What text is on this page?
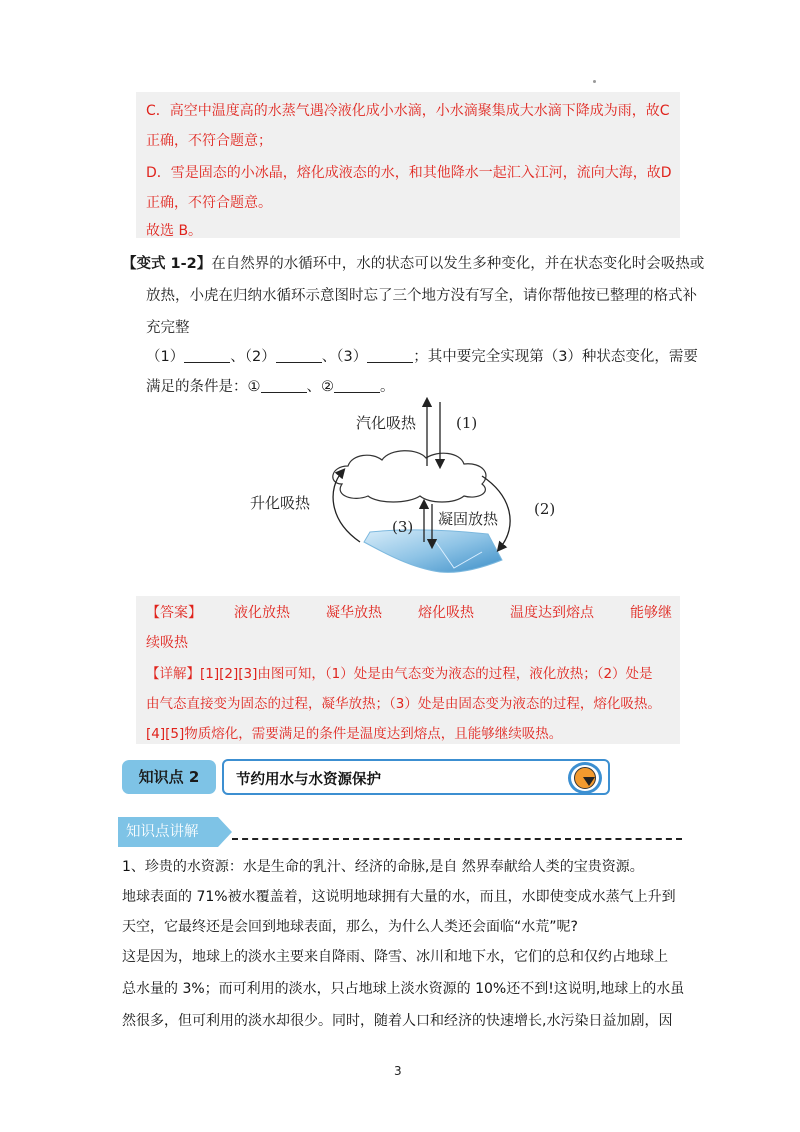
C．高空中温度高的水蒸气遇冷液化成小水滴，小水滴聚集成大水滴下降成为雨，故C
正确，不符合题意；
D．雪是固态的小冰晶，熔化成液态的水，和其他降水一起汇入江河，流向大海，故D
正确，不符合题意。
故选 B。
【变式 1-2】在自然界的水循环中，水的状态可以发生多种变化，并在状态变化时会吸热或
放热，小虎在归纳水循环示意图时忘了三个地方没有写全，请你帮他按已整理的格式补
充完整
（1）	、（2）	、（3）	；其中要完全实现第（3）种状态变化，需要
满足的条件是：①	、②	。
汽化吸热	(1)
升化吸热	(2)
(3) 凝固放热
【答案】 液化放热	凝华放热	熔化吸热	温度达到熔点	能够继
续吸热
【详解】[1][2][3]由图可知，（1）处是由气态变为液态的过程，液化放热；（2）处是
由气态直接变为固态的过程，凝华放热；（3）处是由固态变为液态的过程，熔化吸热。
[4][5]物质熔化，需要满足的条件是温度达到熔点，且能够继续吸热。
知识点 2	节约用水与水资源保护
知识点讲解
1、珍贵的水资源：水是生命的乳汁、经济的命脉,是自 然界奉献给人类的宝贵资源。
地球表面的 71%被水覆盖着，这说明地球拥有大量的水，而且，水即使变成水蒸气上升到
天空，它最终还是会回到地球表面，那么，为什么人类还会面临“水荒”呢?
这是因为，地球上的淡水主要来自降雨、降雪、冰川和地下水，它们的总和仅约占地球上
总水量的 3%；而可利用的淡水，只占地球上淡水资源的 10%还不到!这说明,地球上的水虽
然很多，但可利用的淡水却很少。同时，随着人口和经济的快速增长,水污染日益加剧，因
3
